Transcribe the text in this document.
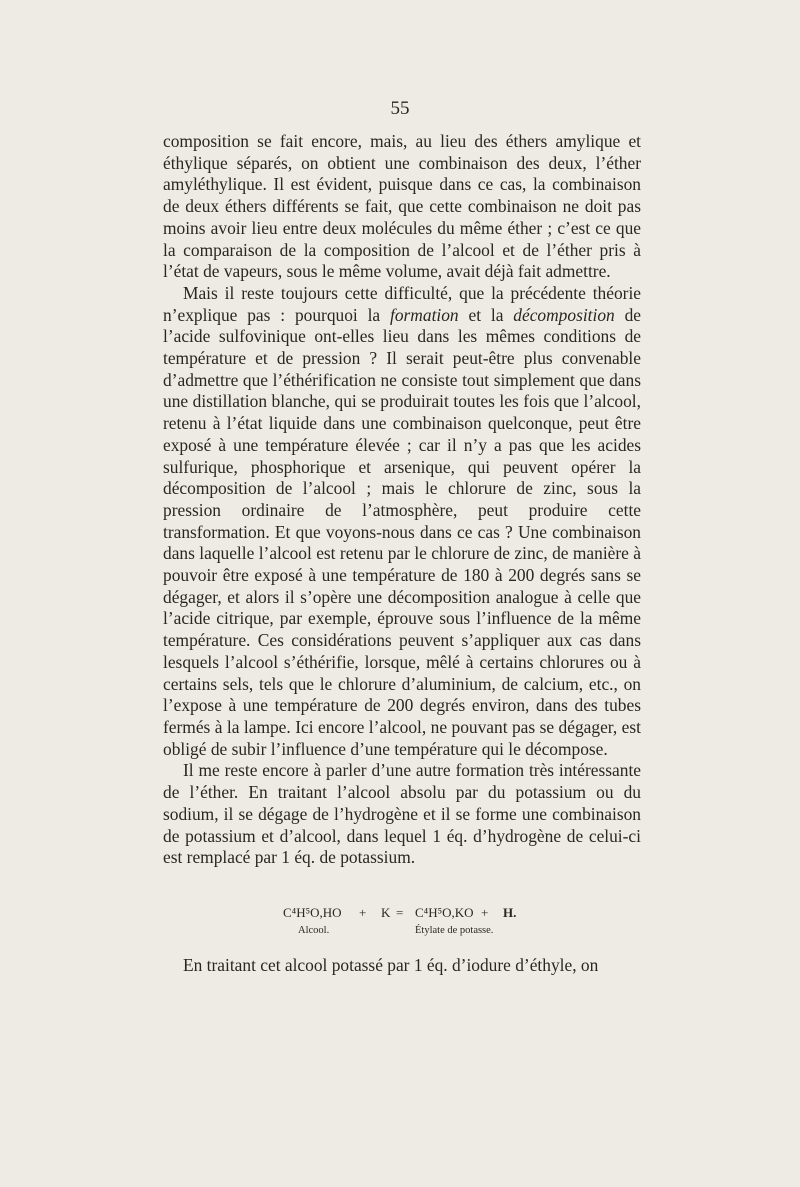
55

composition se fait encore, mais, au lieu des éthers amylique et éthylique séparés, on obtient une combinaison des deux, l’éther amyléthylique. Il est évident, puisque dans ce cas, la combinaison de deux éthers différents se fait, que cette combinaison ne doit pas moins avoir lieu entre deux molécules du même éther ; c’est ce que la comparaison de la composition de l’alcool et de l’éther pris à l’état de vapeurs, sous le même volume, avait déjà fait admettre.

Mais il reste toujours cette difficulté, que la précédente théorie n’explique pas : pourquoi la formation et la décomposition de l’acide sulfovinique ont-elles lieu dans les mêmes conditions de température et de pression ? Il serait peut-être plus convenable d’admettre que l’éthérification ne consiste tout simplement que dans une distillation blanche, qui se produirait toutes les fois que l’alcool, retenu à l’état liquide dans une combinaison quelconque, peut être exposé à une température élevée ; car il n’y a pas que les acides sulfurique, phosphorique et arsenique, qui peuvent opérer la décomposition de l’alcool ; mais le chlorure de zinc, sous la pression ordinaire de l’atmosphère, peut produire cette transformation. Et que voyons-nous dans ce cas ? Une combinaison dans laquelle l’alcool est retenu par le chlorure de zinc, de manière à pouvoir être exposé à une température de 180 à 200 degrés sans se dégager, et alors il s’opère une décomposition analogue à celle que l’acide citrique, par exemple, éprouve sous l’influence de la même température. Ces considérations peuvent s’appliquer aux cas dans lesquels l’alcool s’éthérifie, lorsque, mêlé à certains chlorures ou à certains sels, tels que le chlorure d’aluminium, de calcium, etc., on l’expose à une température de 200 degrés environ, dans des tubes fermés à la lampe. Ici encore l’alcool, ne pouvant pas se dégager, est obligé de subir l’influence d’une température qui le décompose.

Il me reste encore à parler d’une autre formation très intéressante de l’éther. En traitant l’alcool absolu par du potassium ou du sodium, il se dégage de l’hydrogène et il se forme une combinaison de potassium et d’alcool, dans lequel 1 éq. d’hydrogène de celui-ci est remplacé par 1 éq. de potassium.

C⁴H⁵O,HO + K = C⁴H⁵O,KO + H.
Alcool.	Étylate de potasse.
En traitant cet alcool potassé par 1 éq. d’iodure d’éthyle, on
